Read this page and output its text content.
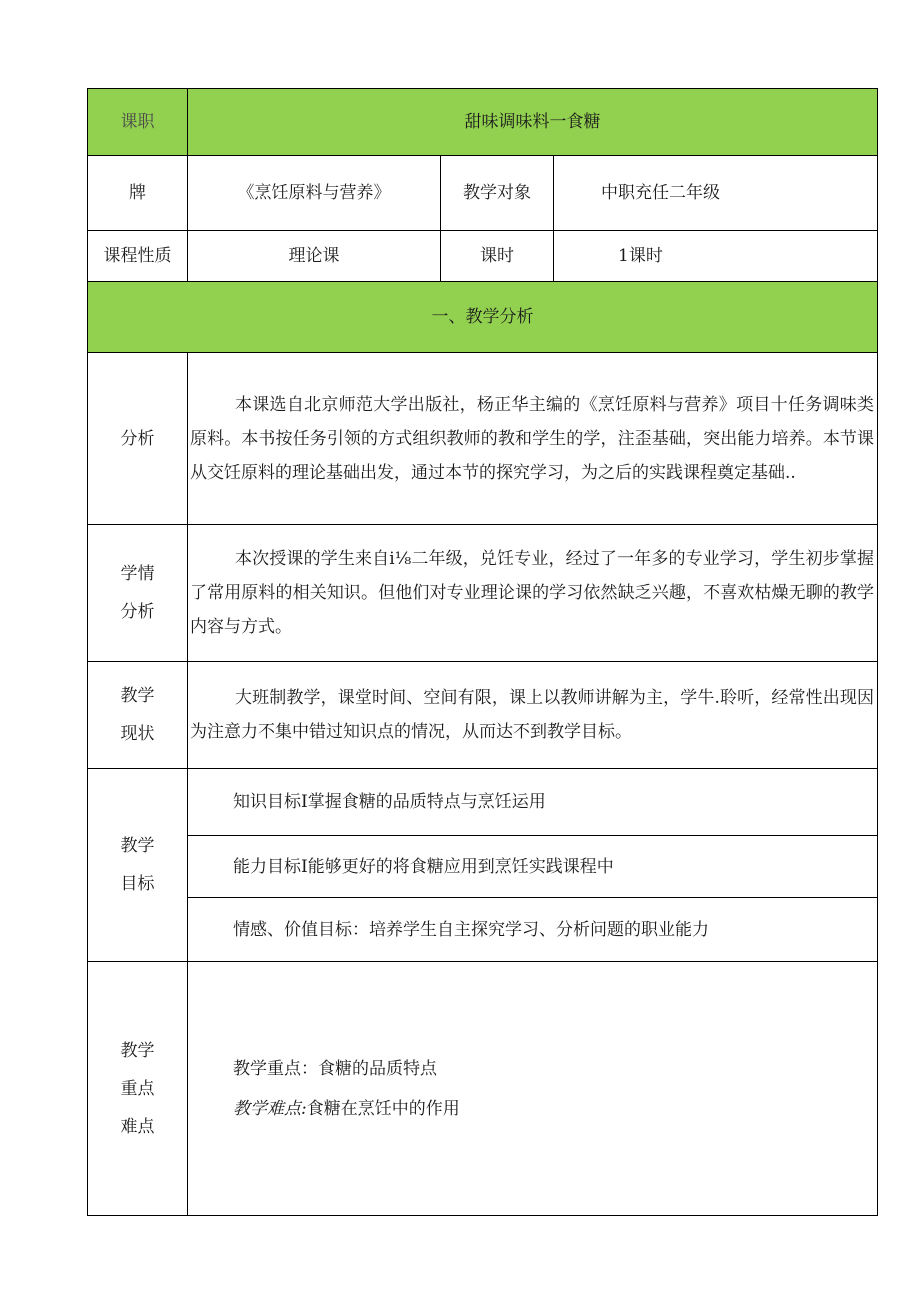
课职	甜味调味料一食糖		
牌	《烹饪原料与营养》	教学对象	中职充任二年级
课程性质	理论课	课时	1课时
一、教学分析			
分析	本课选自北京师范大学出版社，杨正华主编的《烹饪原料与营养》项目十任务调味类原料。本书按任务引领的方式组织教师的教和学生的学，注歪基础，突出能力培养。本节课从交饪原料的理论基础出发，通过本节的探究学习，为之后的实践课程奠定基础..		
学情
分析	本次授课的学生来自i⅛二年级，兑饪专业，经过了一年多的专业学习，学生初步掌握了常用原料的相关知识。但他们对专业理论课的学习依然缺乏兴趣，不喜欢枯燥无聊的教学内容与方式。		
教学
现状	大班制教学，课堂时间、空间有限，课上以教师讲解为主，学牛.聆听，经常性出现因为注意力不集中错过知识点的情况，从而达不到教学目标。		
教学
目标	知识目标I掌握食糖的品质特点与烹饪运用		
	能力目标I能够更好的将食糖应用到烹饪实践课程中		
	情感、价值目标：培养学生自主探究学习、分析问题的职业能力		
教学
重点
难点	教学重点：食糖的品质特点
教学难点:食糖在烹饪中的作用		
